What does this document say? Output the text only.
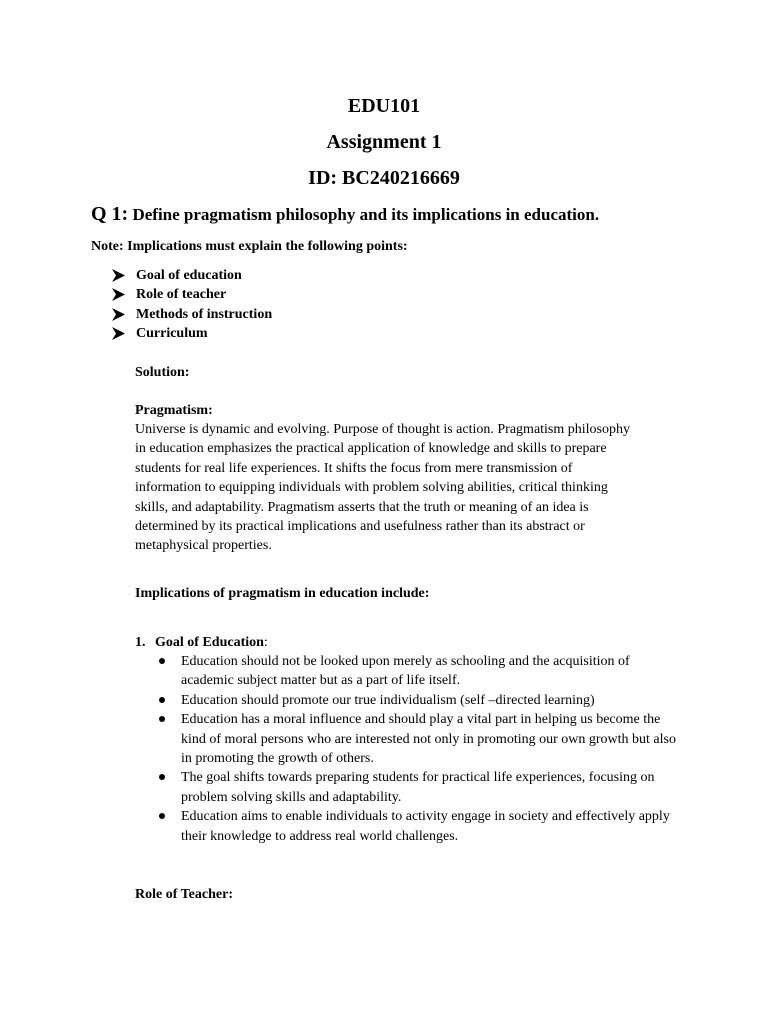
EDU101
Assignment 1
ID: BC240216669
Q 1: Define pragmatism philosophy and its implications in education.
Note: Implications must explain the following points:
Goal of education
Role of teacher
Methods of instruction
Curriculum
Solution:
Pragmatism:

Universe is dynamic and evolving. Purpose of thought is action. Pragmatism philosophy

in education emphasizes the practical application of knowledge and skills to prepare

students for real life experiences. It shifts the focus from mere transmission of

information to equipping individuals with problem solving abilities, critical thinking

skills, and adaptability. Pragmatism asserts that the truth or meaning of an idea is

determined by its practical implications and usefulness rather than its abstract or

metaphysical properties.

Implications of pragmatism in education include:
1. Goal of Education:
Education should not be looked upon merely as schooling and the acquisition of academic subject matter but as a part of life itself.
Education should promote our true individualism (self –directed learning)
Education has a moral influence and should play a vital part in helping us become the kind of moral persons who are interested not only in promoting our own growth but also in promoting the growth of others.
The goal shifts towards preparing students for practical life experiences, focusing on problem solving skills and adaptability.
Education aims to enable individuals to activity engage in society and effectively apply their knowledge to address real world challenges.
Role of Teacher:
